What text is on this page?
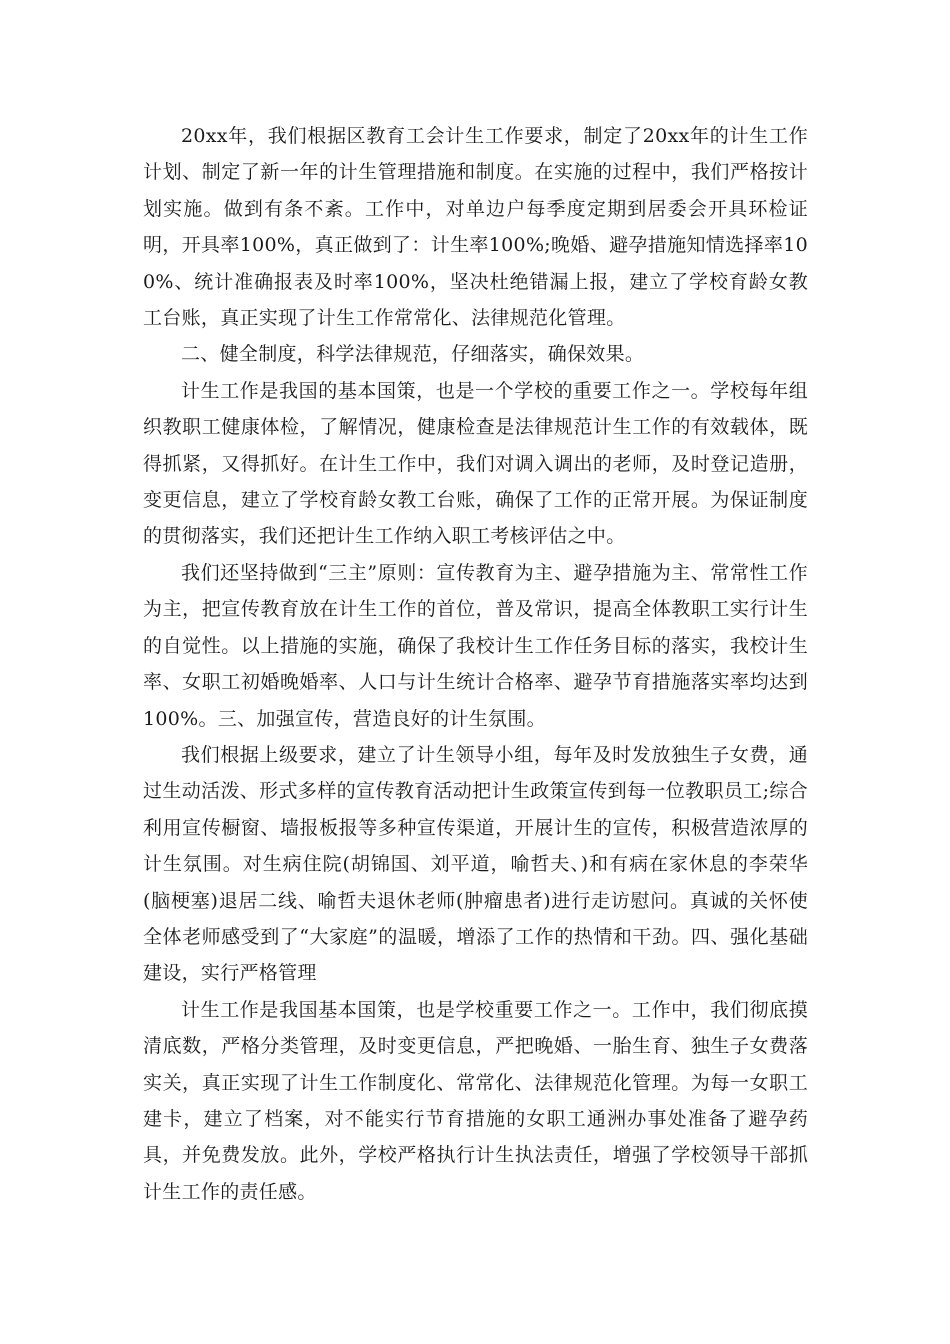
20xx年，我们根据区教育工会计生工作要求，制定了20xx年的计生工作计划、制定了新一年的计生管理措施和制度。在实施的过程中，我们严格按计划实施。做到有条不紊。工作中，对单边户每季度定期到居委会开具环检证明，开具率100%，真正做到了：计生率100%;晚婚、避孕措施知情选择率100%、统计准确报表及时率100%，坚决杜绝错漏上报，建立了学校育龄女教工台账，真正实现了计生工作常常化、法律规范化管理。

二、健全制度，科学法律规范，仔细落实，确保效果。

计生工作是我国的基本国策，也是一个学校的重要工作之一。学校每年组织教职工健康体检，了解情况，健康检查是法律规范计生工作的有效载体，既得抓紧，又得抓好。在计生工作中，我们对调入调出的老师，及时登记造册，变更信息，建立了学校育龄女教工台账，确保了工作的正常开展。为保证制度的贯彻落实，我们还把计生工作纳入职工考核评估之中。

我们还坚持做到“三主”原则：宣传教育为主、避孕措施为主、常常性工作为主，把宣传教育放在计生工作的首位，普及常识，提高全体教职工实行计生的自觉性。以上措施的实施，确保了我校计生工作任务目标的落实，我校计生率、女职工初婚晚婚率、人口与计生统计合格率、避孕节育措施落实率均达到100%。三、加强宣传，营造良好的计生氛围。

我们根据上级要求，建立了计生领导小组，每年及时发放独生子女费，通过生动活泼、形式多样的宣传教育活动把计生政策宣传到每一位教职员工;综合利用宣传橱窗、墙报板报等多种宣传渠道，开展计生的宣传，积极营造浓厚的计生氛围。对生病住院(胡锦国、刘平道，喻哲夫、)和有病在家休息的李荣华(脑梗塞)退居二线、喻哲夫退休老师(肿瘤患者)进行走访慰问。真诚的关怀使全体老师感受到了“大家庭”的温暖，增添了工作的热情和干劲。四、强化基础建设，实行严格管理

计生工作是我国基本国策，也是学校重要工作之一。工作中，我们彻底摸清底数，严格分类管理，及时变更信息，严把晚婚、一胎生育、独生子女费落实关，真正实现了计生工作制度化、常常化、法律规范化管理。为每一女职工建卡，建立了档案，对不能实行节育措施的女职工通洲办事处准备了避孕药具，并免费发放。此外，学校严格执行计生执法责任，增强了学校领导干部抓计生工作的责任感。
